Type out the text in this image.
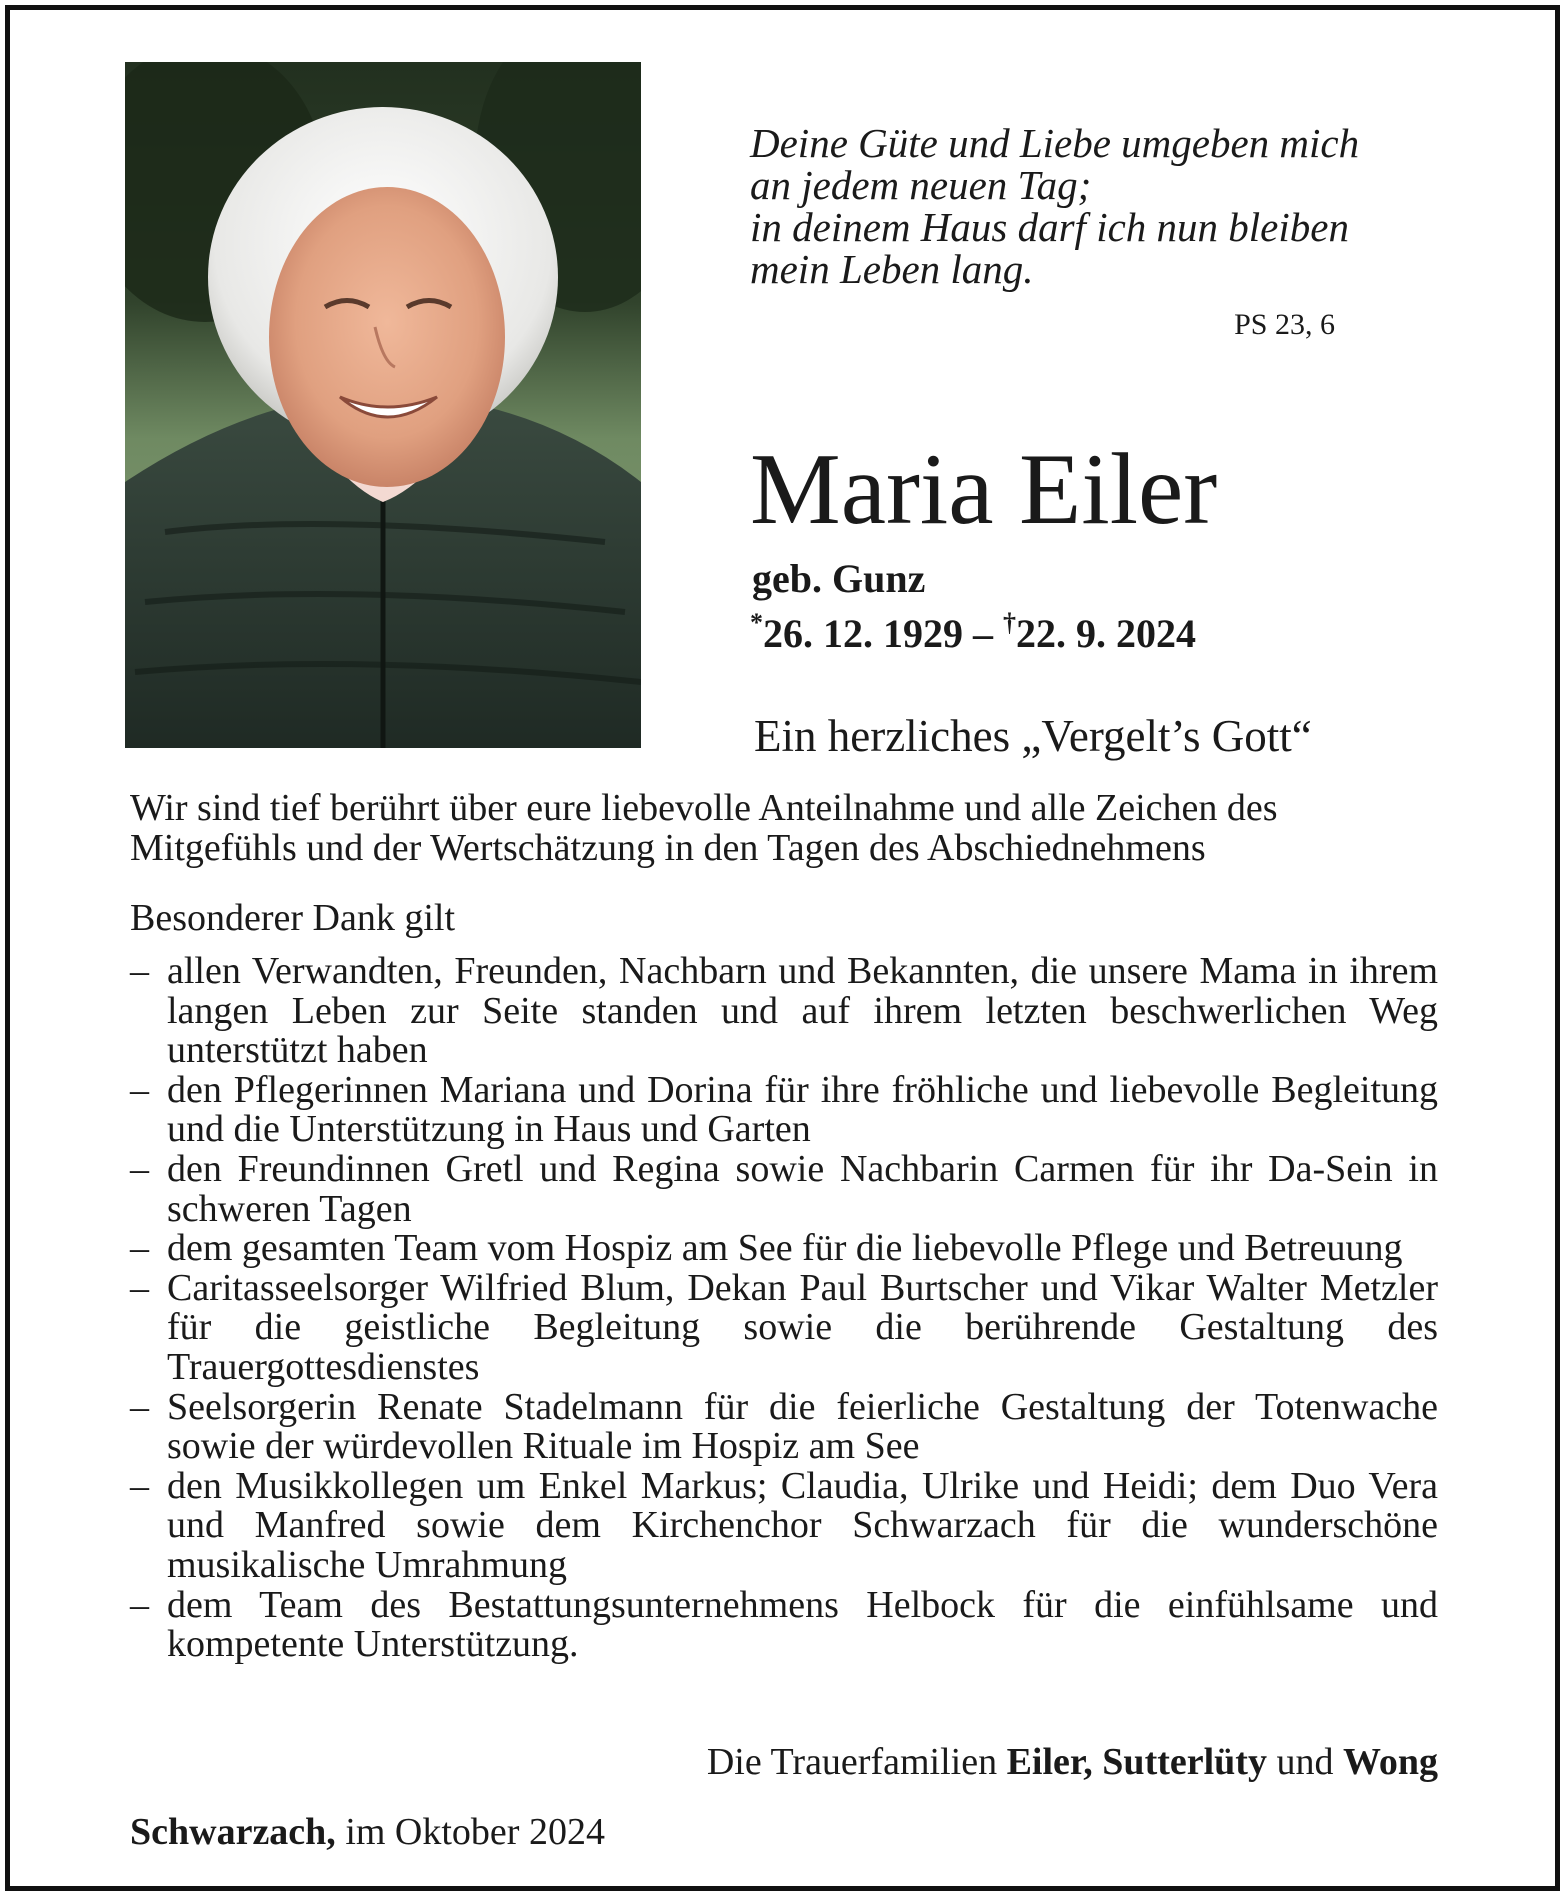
Deine Güte und Liebe umgeben mich
an jedem neuen Tag;
in deinem Haus darf ich nun bleiben
mein Leben lang.
PS 23, 6
Maria Eiler
geb. Gunz
*26. 12. 1929 – †22. 9. 2024
Ein herzliches „Vergelt’s Gott“
Wir sind tief berührt über eure liebevolle Anteilnahme und alle Zeichen des
Mitgefühls und der Wertschätzung in den Tagen des Abschiednehmens
Besonderer Dank gilt
– allen Verwandten, Freunden, Nachbarn und Bekannten, die unsere Mama in ihrem langen Leben zur Seite standen und auf ihrem letzten beschwerlichen Weg unterstützt haben
– den Pflegerinnen Mariana und Dorina für ihre fröhliche und liebevolle Begleitung und die Unterstützung in Haus und Garten
– den Freundinnen Gretl und Regina sowie Nachbarin Carmen für ihr Da-Sein in schweren Tagen
– dem gesamten Team vom Hospiz am See für die liebevolle Pflege und Betreuung
– Caritasseelsorger Wilfried Blum, Dekan Paul Burtscher und Vikar Walter Metzler für die geistliche Begleitung sowie die berührende Gestaltung des Trauergottesdienstes
– Seelsorgerin Renate Stadelmann für die feierliche Gestaltung der Totenwache sowie der würdevollen Rituale im Hospiz am See
– den Musikkollegen um Enkel Markus; Claudia, Ulrike und Heidi; dem Duo Vera und Manfred sowie dem Kirchenchor Schwarzach für die wunderschöne musikalische Umrahmung
– dem Team des Bestattungsunternehmens Helbock für die einfühlsame und kompetente Unterstützung.
Die Trauerfamilien Eiler, Sutterlüty und Wong
Schwarzach, im Oktober 2024
